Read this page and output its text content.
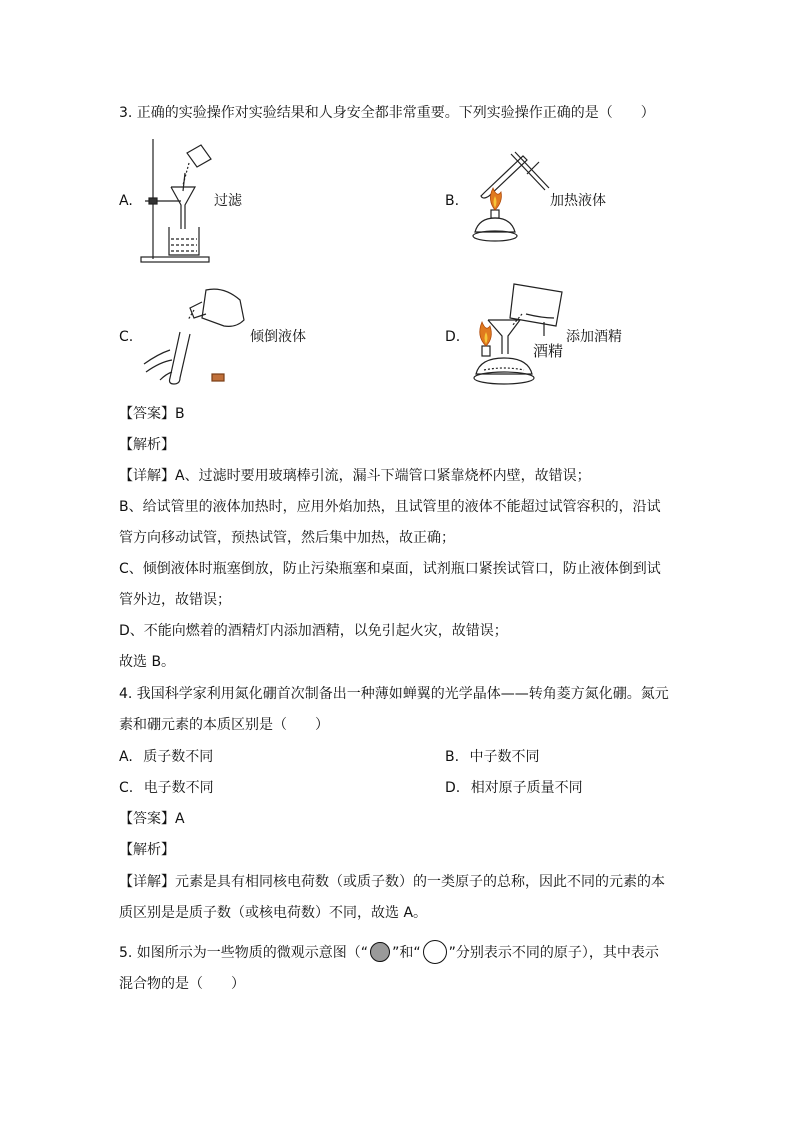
3. 正确的实验操作对实验结果和人身安全都非常重要。下列实验操作正确的是（　　）
A.	过滤	B.	加热液体
C.	倾倒液体	D.	添加酒精
酒精
【答案】B
【解析】
【详解】A、过滤时要用玻璃棒引流，漏斗下端管口紧靠烧杯内壁，故错误；
B、给试管里的液体加热时，应用外焰加热，且试管里的液体不能超过试管容积的，沿试
管方向移动试管，预热试管，然后集中加热，故正确；
C、倾倒液体时瓶塞倒放，防止污染瓶塞和桌面，试剂瓶口紧挨试管口，防止液体倒到试
管外边，故错误；
D、不能向燃着的酒精灯内添加酒精，以免引起火灾，故错误；
故选 B。
4. 我国科学家利用氮化硼首次制备出一种薄如蝉翼的光学晶体——转角菱方氮化硼。氮元
素和硼元素的本质区别是（　　）
A. 质子数不同	B. 中子数不同
C. 电子数不同	D. 相对原子质量不同
【答案】A
【解析】
【详解】元素是具有相同核电荷数（或质子数）的一类原子的总称，因此不同的元素的本
质区别是是质子数（或核电荷数）不同，故选 A。
5. 如图所示为一些物质的微观示意图（“ ”和“ ”分别表示不同的原子），其中表示
混合物的是（　　）
